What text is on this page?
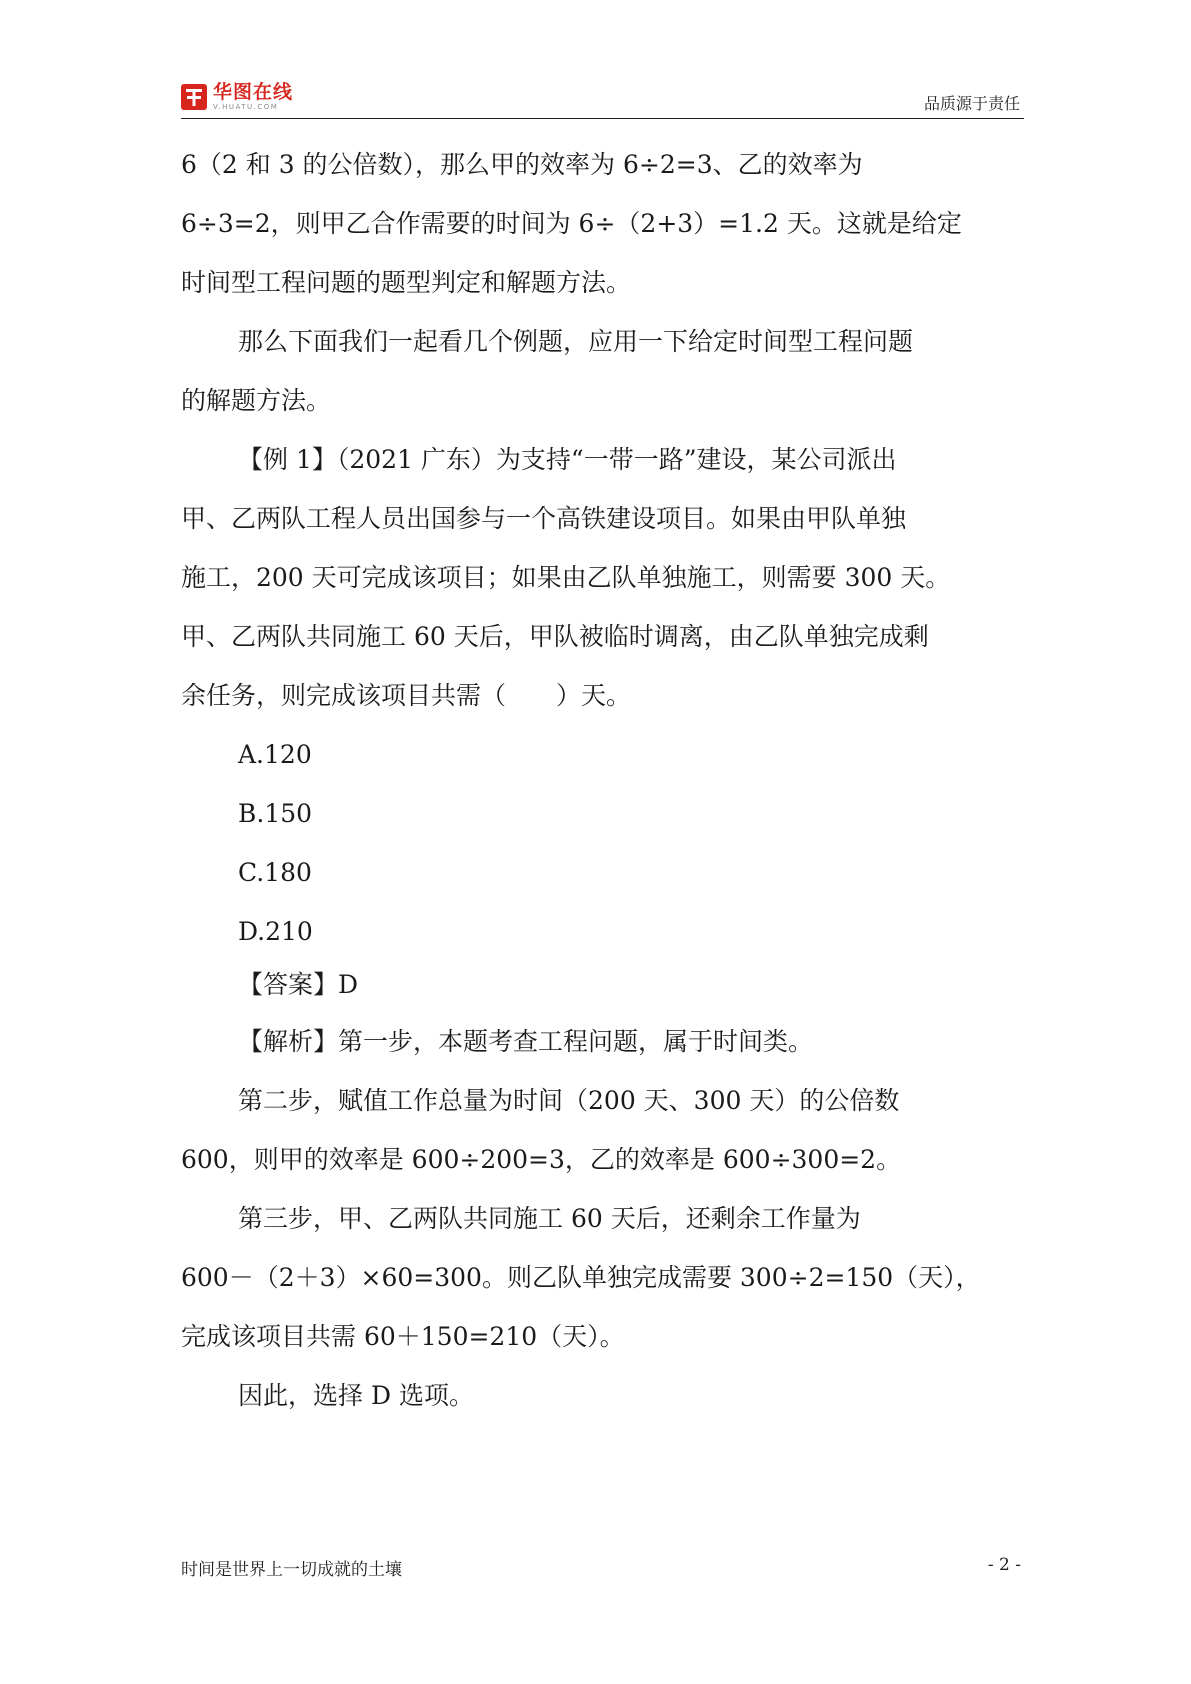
华图在线
V.HUATU.COM	品质源于责任
6（2 和 3 的公倍数），那么甲的效率为 6÷2=3、乙的效率为
6÷3=2，则甲乙合作需要的时间为 6÷（2+3）=1.2 天。这就是给定
时间型工程问题的题型判定和解题方法。
那么下面我们一起看几个例题，应用一下给定时间型工程问题
的解题方法。
【例 1】（2021 广东）为支持“一带一路”建设，某公司派出
甲、乙两队工程人员出国参与一个高铁建设项目。如果由甲队单独
施工，200 天可完成该项目；如果由乙队单独施工，则需要 300 天。
甲、乙两队共同施工 60 天后，甲队被临时调离，由乙队单独完成剩
余任务，则完成该项目共需（　　）天。
A.120
B.150
C.180
D.210
【答案】D
【解析】第一步，本题考查工程问题，属于时间类。
第二步，赋值工作总量为时间（200 天、300 天）的公倍数
600，则甲的效率是 600÷200=3，乙的效率是 600÷300=2。
第三步，甲、乙两队共同施工 60 天后，还剩余工作量为
600－（2＋3）×60=300。则乙队单独完成需要 300÷2=150（天），
完成该项目共需 60＋150=210（天）。
因此，选择 D 选项。
时间是世界上一切成就的土壤	- 2 -
